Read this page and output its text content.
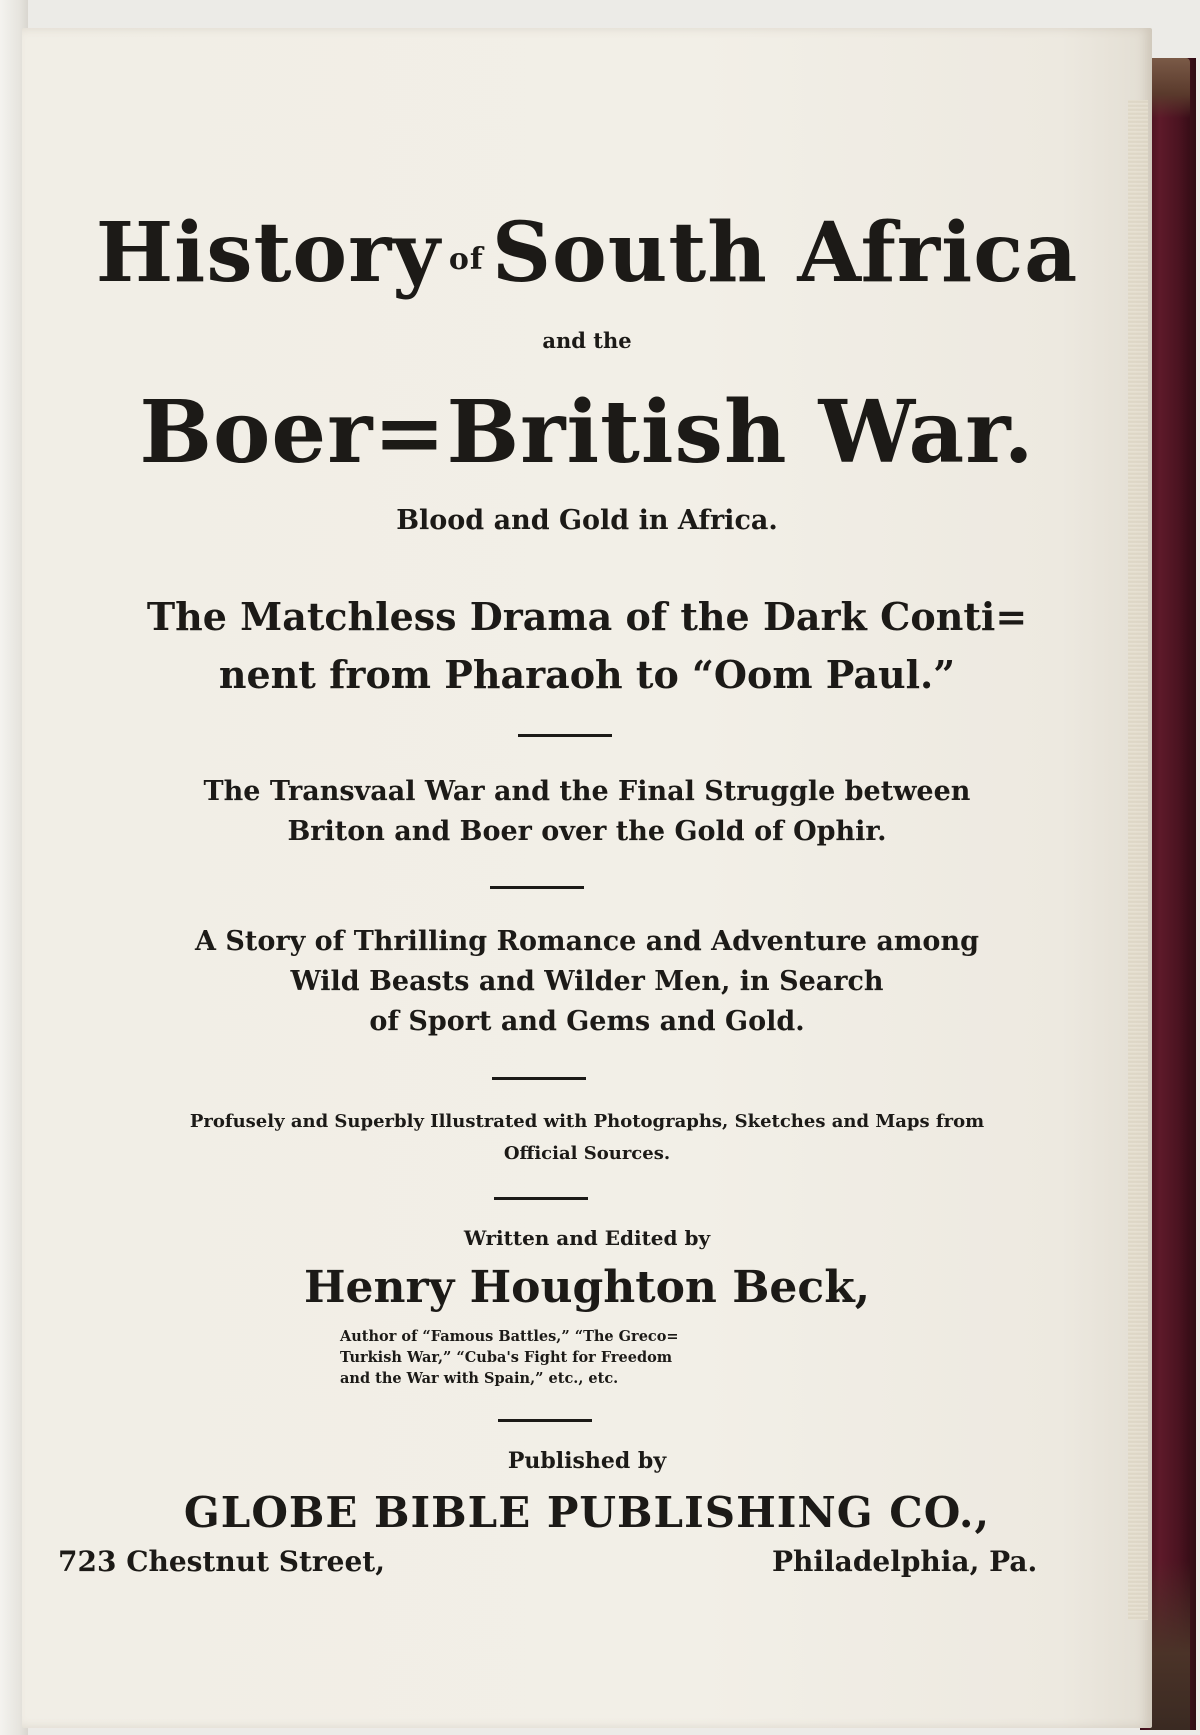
History ofSouth Africa
and the
Boer=British War.
Blood and Gold in Africa.
The Matchless Drama of the Dark Conti=
nent from Pharaoh to “Oom Paul.”
The Transvaal War and the Final Struggle between
Briton and Boer over the Gold of Ophir.
A Story of Thrilling Romance and Adventure among
Wild Beasts and Wilder Men, in Search
of Sport and Gems and Gold.
Profusely and Superbly Illustrated with Photographs, Sketches and Maps from
Official Sources.
Written and Edited by
Henry Houghton Beck,
Author of “Famous Battles,” “The Greco=
Turkish War,” “Cuba's Fight for Freedom
and the War with Spain,” etc., etc.
Published by
GLOBE BIBLE PUBLISHING CO.,
723 Chestnut Street,	Philadelphia, Pa.
